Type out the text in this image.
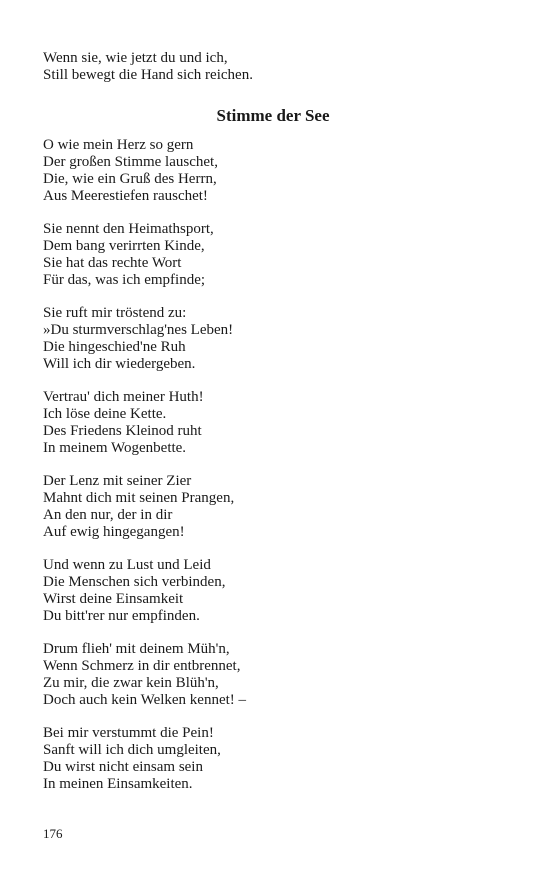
Wenn sie, wie jetzt du und ich,
Still bewegt die Hand sich reichen.
Stimme der See
O wie mein Herz so gern
Der großen Stimme lauschet,
Die, wie ein Gruß des Herrn,
Aus Meerestiefen rauschet!
Sie nennt den Heimathsport,
Dem bang verirrten Kinde,
Sie hat das rechte Wort
Für das, was ich empfinde;
Sie ruft mir tröstend zu:
»Du sturmverschlag'nes Leben!
Die hingeschied'ne Ruh
Will ich dir wiedergeben.
Vertrau' dich meiner Huth!
Ich löse deine Kette.
Des Friedens Kleinod ruht
In meinem Wogenbette.
Der Lenz mit seiner Zier
Mahnt dich mit seinen Prangen,
An den nur, der in dir
Auf ewig hingegangen!
Und wenn zu Lust und Leid
Die Menschen sich verbinden,
Wirst deine Einsamkeit
Du bitt'rer nur empfinden.
Drum flieh' mit deinem Müh'n,
Wenn Schmerz in dir entbrennet,
Zu mir, die zwar kein Blüh'n,
Doch auch kein Welken kennet! –
Bei mir verstummt die Pein!
Sanft will ich dich umgleiten,
Du wirst nicht einsam sein
In meinen Einsamkeiten.
176
